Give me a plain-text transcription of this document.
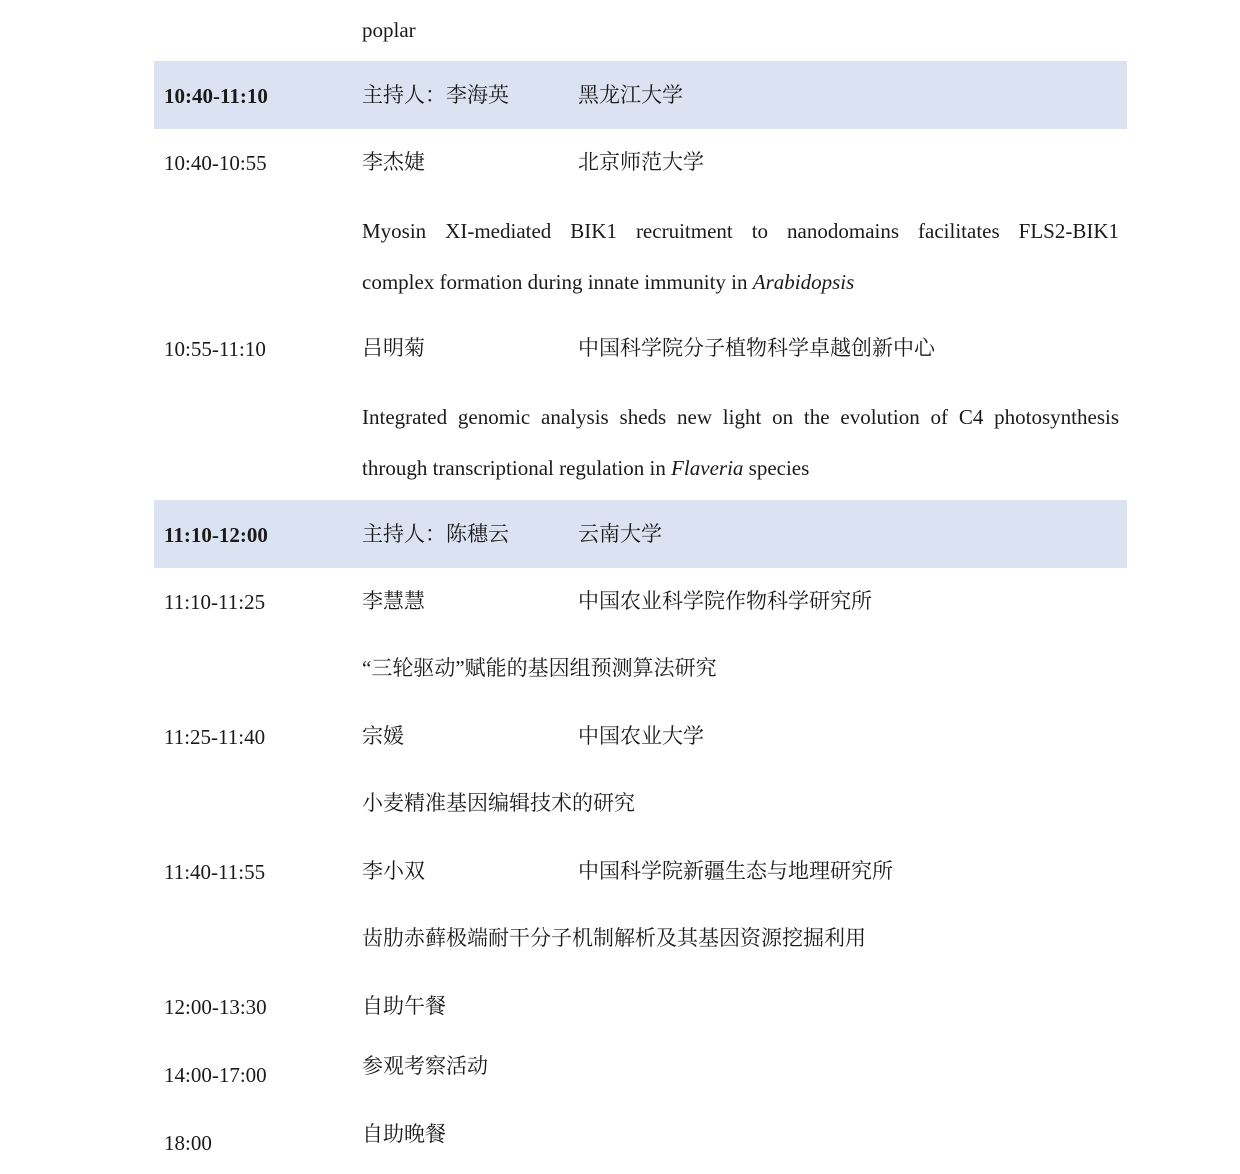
poplar
10:40-11:10	主持人：李海英	黑龙江大学
10:40-10:55	李杰婕	北京师范大学
Myosin XI-mediated BIK1 recruitment to nanodomains facilitates FLS2-BIK1
complex formation during innate immunity in Arabidopsis
10:55-11:10	吕明菊	中国科学院分子植物科学卓越创新中心
Integrated genomic analysis sheds new light on the evolution of C4 photosynthesis
through transcriptional regulation in Flaveria species
11:10-12:00	主持人：陈穗云	云南大学
11:10-11:25	李慧慧	中国农业科学院作物科学研究所
“三轮驱动”赋能的基因组预测算法研究
11:25-11:40	宗媛	中国农业大学
小麦精准基因编辑技术的研究
11:40-11:55	李小双	中国科学院新疆生态与地理研究所
齿肋赤藓极端耐干分子机制解析及其基因资源挖掘利用
12:00-13:30	自助午餐
14:00-17:00	参观考察活动
18:00	自助晚餐
